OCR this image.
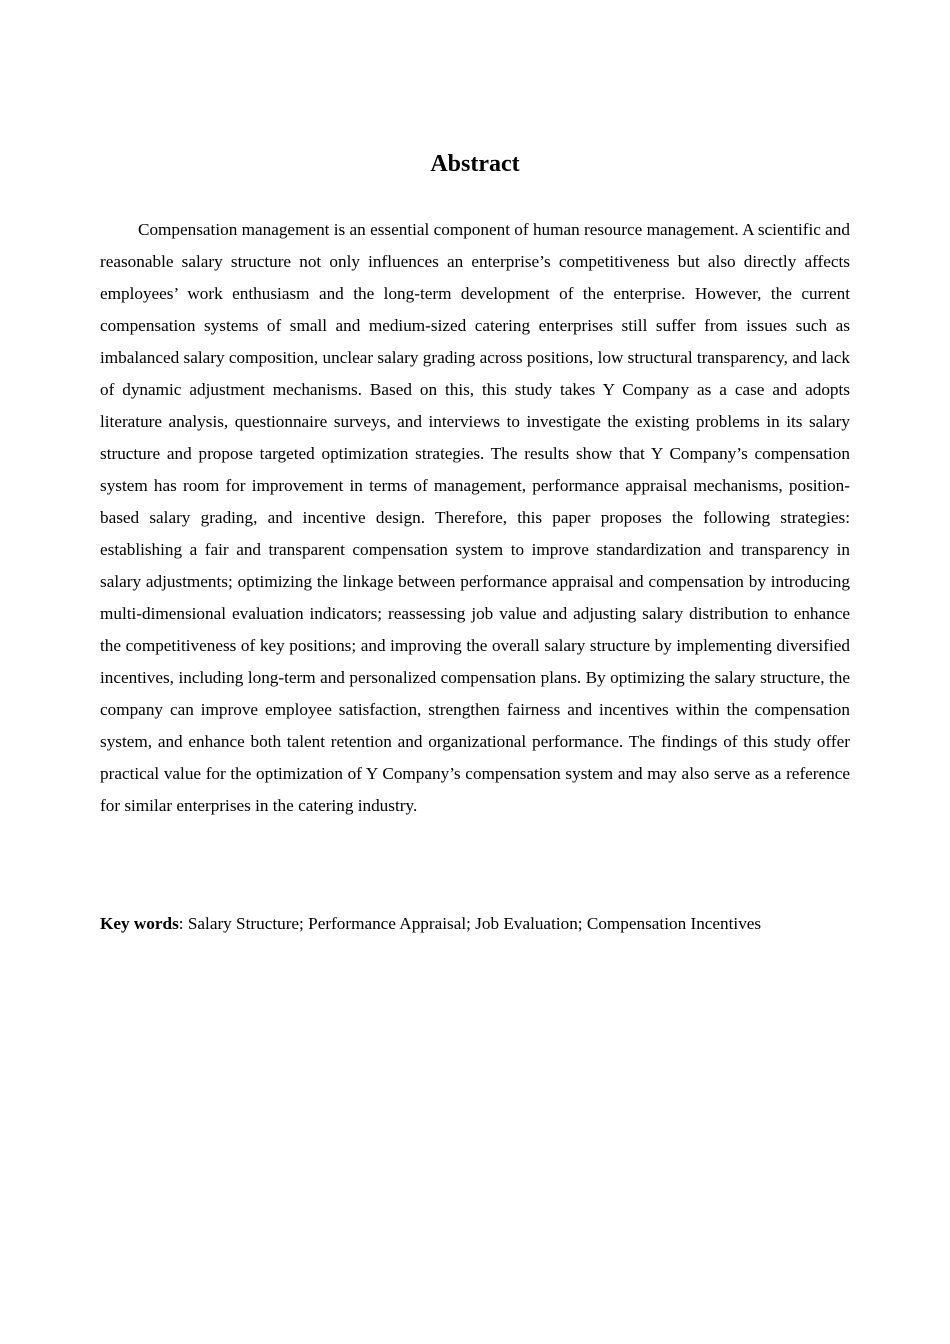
Abstract

Compensation management is an essential component of human resource management. A scientific and reasonable salary structure not only influences an enterprise’s competitiveness but also directly affects employees’ work enthusiasm and the long-term development of the enterprise. However, the current compensation systems of small and medium-sized catering enterprises still suffer from issues such as imbalanced salary composition, unclear salary grading across positions, low structural transparency, and lack of dynamic adjustment mechanisms. Based on this, this study takes Y Company as a case and adopts literature analysis, questionnaire surveys, and interviews to investigate the existing problems in its salary structure and propose targeted optimization strategies. The results show that Y Company’s compensation system has room for improvement in terms of management, performance appraisal mechanisms, position-based salary grading, and incentive design. Therefore, this paper proposes the following strategies: establishing a fair and transparent compensation system to improve standardization and transparency in salary adjustments; optimizing the linkage between performance appraisal and compensation by introducing multi-dimensional evaluation indicators; reassessing job value and adjusting salary distribution to enhance the competitiveness of key positions; and improving the overall salary structure by implementing diversified incentives, including long-term and personalized compensation plans. By optimizing the salary structure, the company can improve employee satisfaction, strengthen fairness and incentives within the compensation system, and enhance both talent retention and organizational performance. The findings of this study offer practical value for the optimization of Y Company’s compensation system and may also serve as a reference for similar enterprises in the catering industry.

Key words: Salary Structure; Performance Appraisal; Job Evaluation; Compensation Incentives
